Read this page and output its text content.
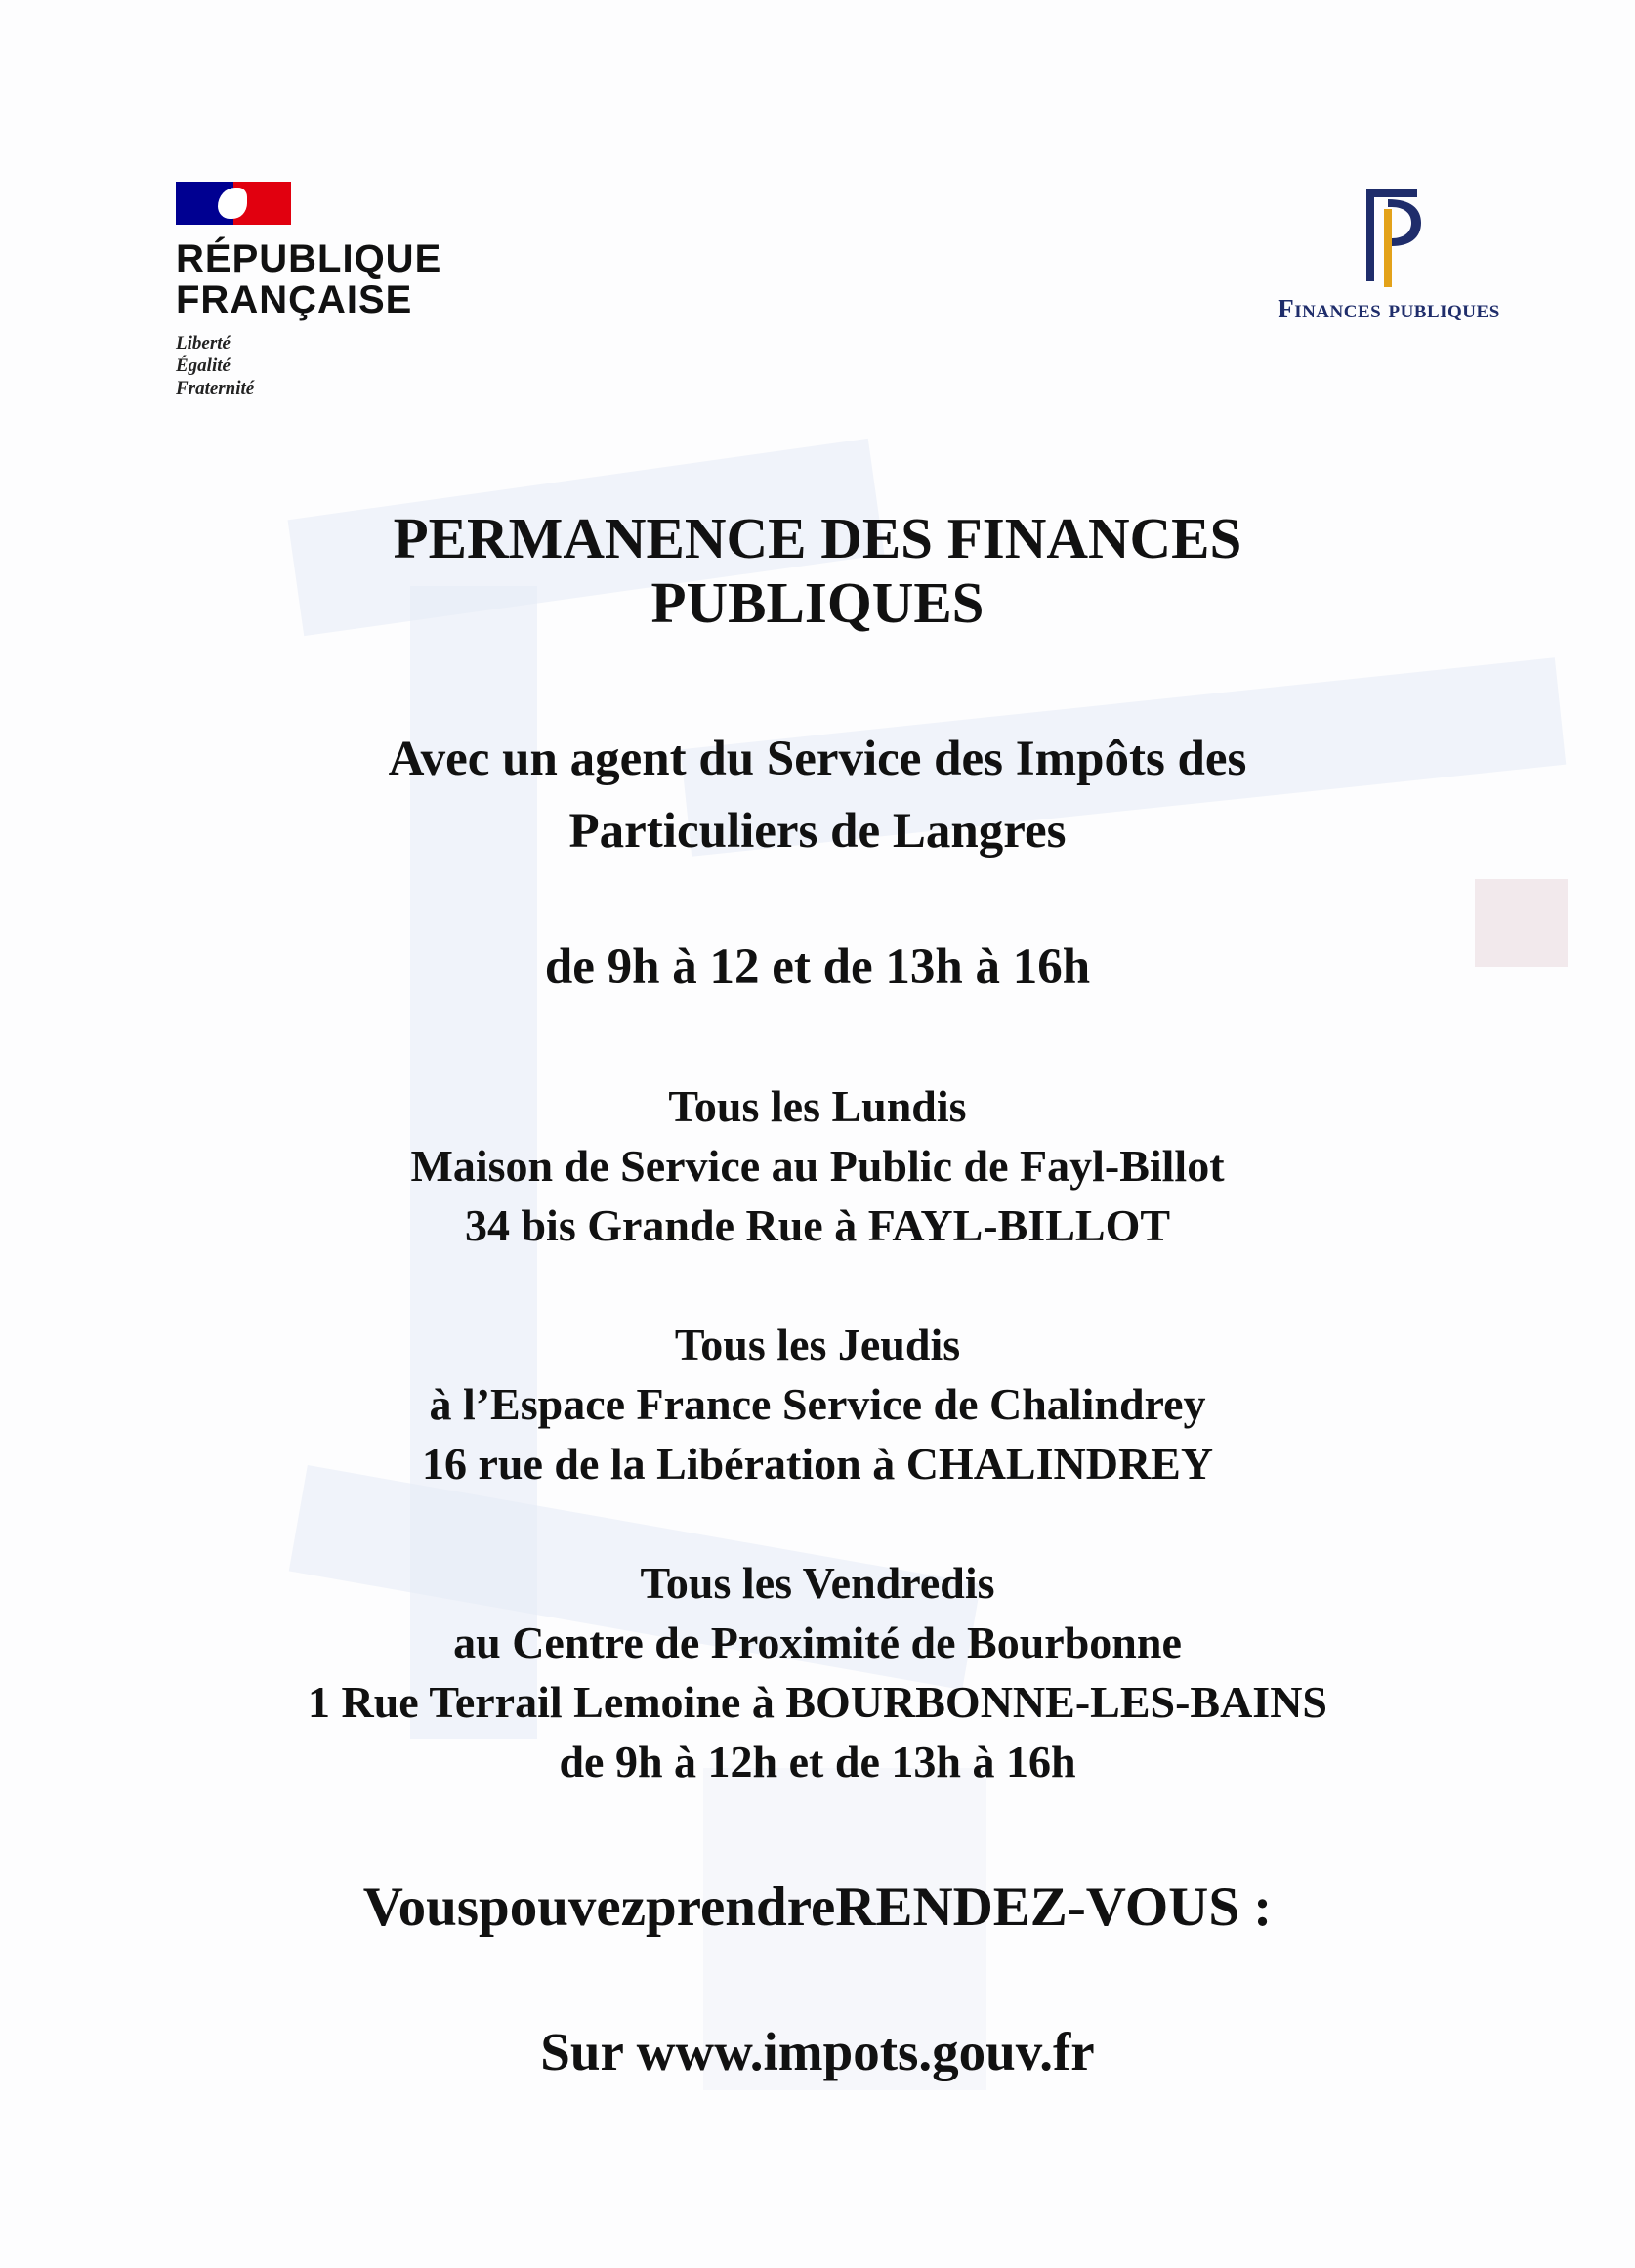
RÉPUBLIQUE
FRANÇAISE
Liberté
Égalité
Fraternité
Finances publiques
PERMANENCE DES FINANCES
PUBLIQUES
Avec un agent du Service des Impôts des
Particuliers de Langres
de 9h à 12 et de 13h à 16h
Tous les Lundis
Maison de Service au Public de Fayl-Billot
34 bis Grande Rue à FAYL-BILLOT
Tous les Jeudis
à l’Espace France Service de Chalindrey
16 rue de la Libération à CHALINDREY
Tous les Vendredis
au Centre de Proximité de Bourbonne
1 Rue Terrail Lemoine à BOURBONNE-LES-BAINS
de 9h à 12h et de 13h à 16h
VouspouvezprendreRENDEZ-VOUS :
Sur www.impots.gouv.fr
